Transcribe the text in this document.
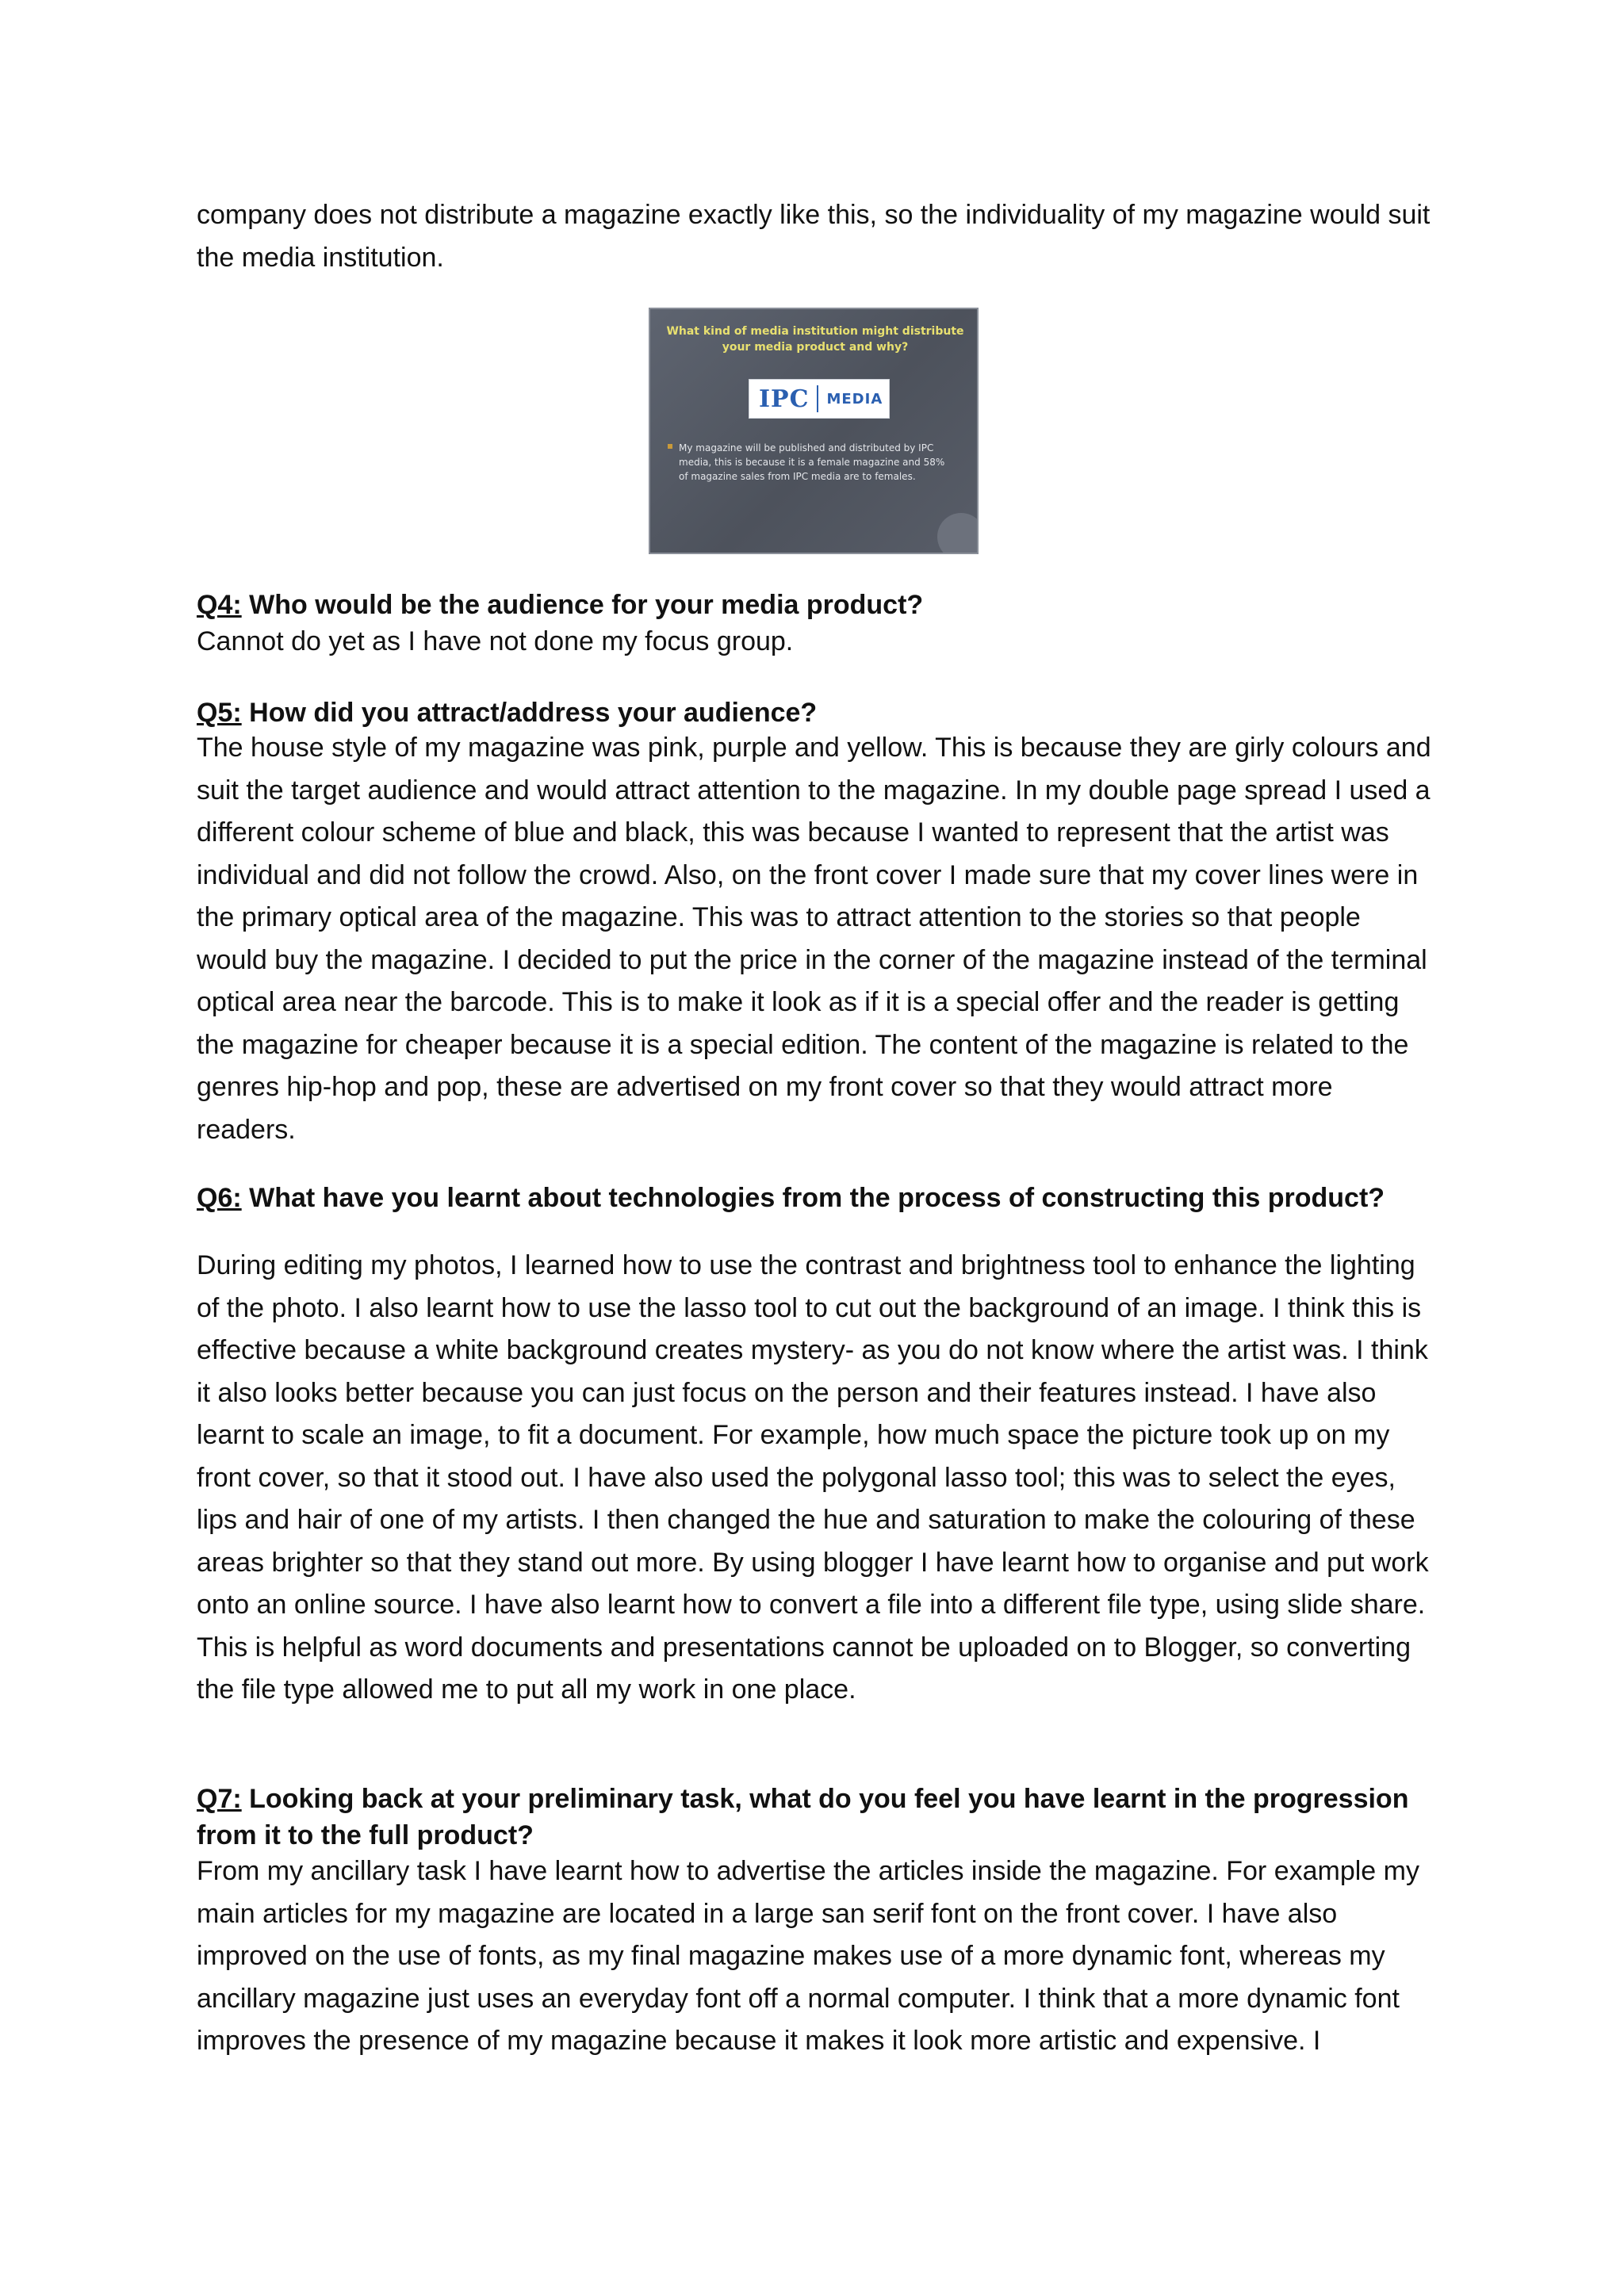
company does not distribute a magazine exactly like this, so the individuality of my magazine would suit the media institution.

What kind of media institution might distribute your media product and why?
IPC MEDIA
My magazine will be published and distributed by IPC media, this is because it is a female magazine and 58% of magazine sales from IPC media are to females.
Q4: Who would be the audience for your media product?

Cannot do yet as I have not done my focus group.

Q5: How did you attract/address your audience?

The house style of my magazine was pink, purple and yellow. This is because they are girly colours and suit the target audience and would attract attention to the magazine. In my double page spread I used a different colour scheme of blue and black, this was because I wanted to represent that the artist was individual and did not follow the crowd. Also, on the front cover I made sure that my cover lines were in the primary optical area of the magazine. This was to attract attention to the stories so that people would buy the magazine. I decided to put the price in the corner of the magazine instead of the terminal optical area near the barcode. This is to make it look as if it is a special offer and the reader is getting the magazine for cheaper because it is a special edition. The content of the magazine is related to the genres hip-hop and pop, these are advertised on my front cover so that they would attract more readers.

Q6: What have you learnt about technologies from the process of constructing this product?

During editing my photos, I learned how to use the contrast and brightness tool to enhance the lighting of the photo. I also learnt how to use the lasso tool to cut out the background of an image. I think this is effective because a white background creates mystery- as you do not know where the artist was. I think it also looks better because you can just focus on the person and their features instead. I have also learnt to scale an image, to fit a document. For example, how much space the picture took up on my front cover, so that it stood out. I have also used the polygonal lasso tool; this was to select the eyes, lips and hair of one of my artists. I then changed the hue and saturation to make the colouring of these areas brighter so that they stand out more. By using blogger I have learnt how to organise and put work onto an online source. I have also learnt how to convert a file into a different file type, using slide share. This is helpful as word documents and presentations cannot be uploaded on to Blogger, so converting the file type allowed me to put all my work in one place.

Q7: Looking back at your preliminary task, what do you feel you have learnt in the progression from it to the full product?

From my ancillary task I have learnt how to advertise the articles inside the magazine. For example my main articles for my magazine are located in a large san serif font on the front cover. I have also improved on the use of fonts, as my final magazine makes use of a more dynamic font, whereas my ancillary magazine just uses an everyday font off a normal computer. I think that a more dynamic font improves the presence of my magazine because it makes it look more artistic and expensive. I
